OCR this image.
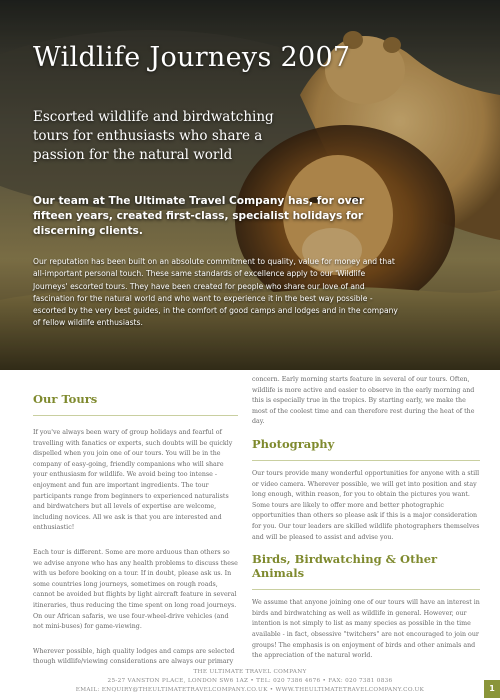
Wildlife Journeys 2007
Escorted wildlife and birdwatching tours for enthusiasts who share a passion for the natural world
Our team at The Ultimate Travel Company has, for over fifteen years, created first-class, specialist holidays for discerning clients.
Our reputation has been built on an absolute commitment to quality, value for money and that all-important personal touch. These same standards of excellence apply to our 'Wildlife Journeys' escorted tours. They have been created for people who share our love of and fascination for the natural world and who want to experience it in the best way possible - escorted by the very best guides, in the comfort of good camps and lodges and in the company of fellow wildlife enthusiasts.
Our Tours

If you've always been wary of group holidays and fearful of travelling with fanatics or experts, such doubts will be quickly dispelled when you join one of our tours. You will be in the company of easy-going, friendly companions who will share your enthusiasm for wildlife. We avoid being too intense - enjoyment and fun are important ingredients. The tour participants range from beginners to experienced naturalists and birdwatchers but all levels of expertise are welcome, including novices. All we ask is that you are interested and enthusiastic!

Each tour is different. Some are more arduous than others so we advise anyone who has any health problems to discuss these with us before booking on a tour. If in doubt, please ask us. In some countries long journeys, sometimes on rough roads, cannot be avoided but flights by light aircraft feature in several itineraries, thus reducing the time spent on long road journeys. On our African safaris, we use four-wheel-drive vehicles (and not mini-buses) for game-viewing.

Wherever possible, high quality lodges and camps are selected though wildlife/viewing considerations are always our primary

concern. Early morning starts feature in several of our tours. Often, wildlife is more active and easier to observe in the early morning and this is especially true in the tropics. By starting early, we make the most of the coolest time and can therefore rest during the heat of the day.

Photography

Our tours provide many wonderful opportunities for anyone with a still or video camera. Wherever possible, we will get into position and stay long enough, within reason, for you to obtain the pictures you want. Some tours are likely to offer more and better photographic opportunities than others so please ask if this is a major consideration for you. Our tour leaders are skilled wildlife photographers themselves and will be pleased to assist and advise you.

Birds, Birdwatching & Other Animals

We assume that anyone joining one of our tours will have an interest in birds and birdwatching as well as wildlife in general. However, our intention is not simply to list as many species as possible in the time available - in fact, obsessive "twitchers" are not encouraged to join our groups! The emphasis is on enjoyment of birds and other animals and the appreciation of the natural world.

THE ULTIMATE TRAVEL COMPANY
25-27 VANSTON PLACE, LONDON SW6 1AZ • TEL: 020 7386 4676 • FAX: 020 7381 0836
EMAIL: ENQUIRY@THEULTIMATETRAVELCOMPANY.CO.UK • WWW.THEULTIMATETRAVELCOMPANY.CO.UK	1
